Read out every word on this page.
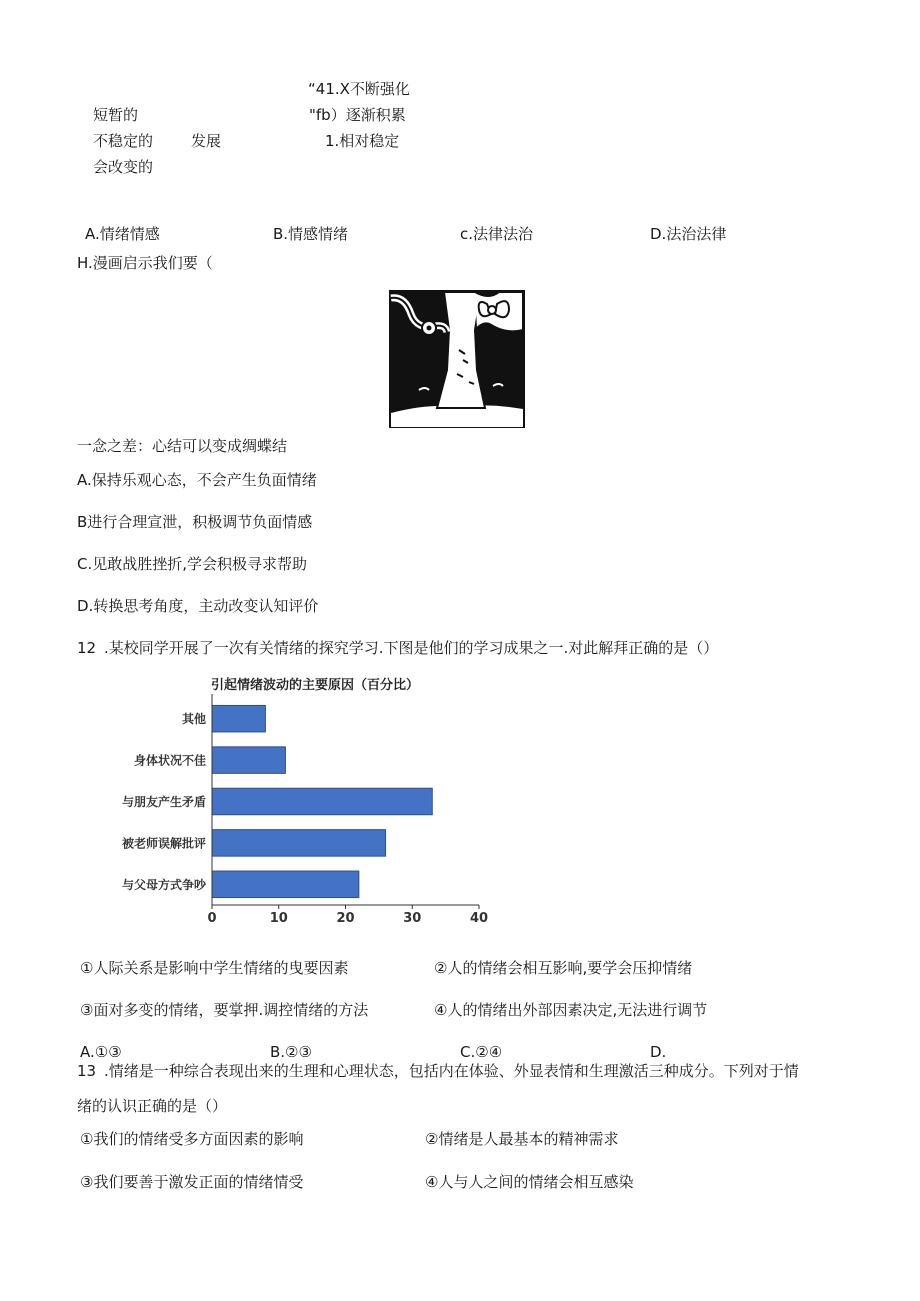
“41.X不断强化
短暂的	"fb）逐渐积累
不稳定的	发展	1.相对稳定
会改变的
A.情绪情感	B.情感情绪	c.法律法治	D.法治法律
H.漫画启示我们要（
一念之差：心结可以变成绸蝶结
A.保持乐观心态，不会产生负面情绪
B进行合理宣泄，积极调节负面情感
C.见敢战胜挫折,学会积极寻求帮助
D.转换思考角度，主动改变认知评价
12 .某校同学开展了一次有关情绪的探究学习.下图是他们的学习成果之一.对此解拜正确的是（）
引起情绪波动的主要原因（百分比）
其他
身体状况不佳
与朋友产生矛盾
被老师误解批评
与父母方式争吵
0	10	20	30	40
①人际关系是影响中学生情绪的曳要因素	②人的情绪会相互影响,要学会压抑情绪
③面对多变的情绪，要掌押.调控情绪的方法	④人的情绪出外部因素决定,无法进行调节
A.①③	B.②③	C.②④	D.
13 .情绪是一种综合表现出来的生理和心理状态，包括内在体验、外显表情和生理激活三种成分。下列对于情
绪的认识正确的是（）
①我们的情绪受多方面因素的影响	②情绪是人最基本的精神需求
③我们要善于激发正面的情绪情受	④人与人之间的情绪会相互感染
